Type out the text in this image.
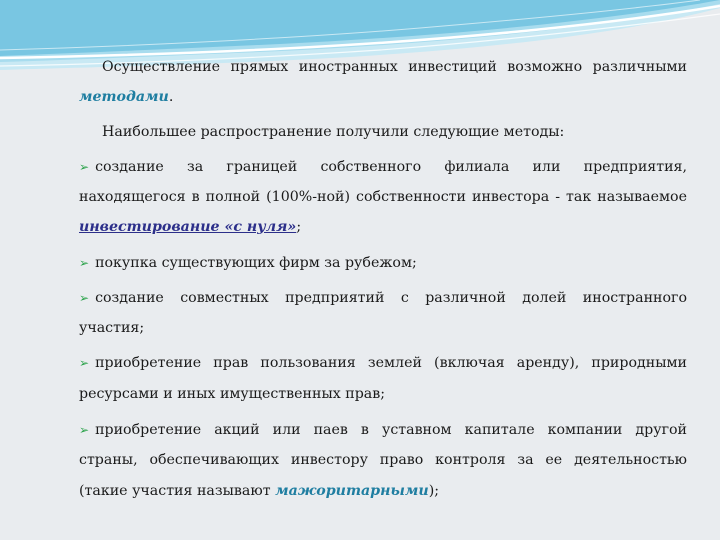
Осуществление прямых иностранных инвестиций возможно различными
методами.
Наибольшее распространение получили следующие методы:
➢ создание за границей собственного филиала или предприятия,
находящегося в полной (100%-ной) собственности инвестора - так называемое
инвестирование «с нуля»;
➢ покупка существующих фирм за рубежом;
➢ создание совместных предприятий с различной долей иностранного
участия;
➢ приобретение прав пользования землей (включая аренду), природными
ресурсами и иных имущественных прав;
➢ приобретение акций или паев в уставном капитале компании другой
страны, обеспечивающих инвестору право контроля за ее деятельностью
(такие участия называют мажоритарными);
